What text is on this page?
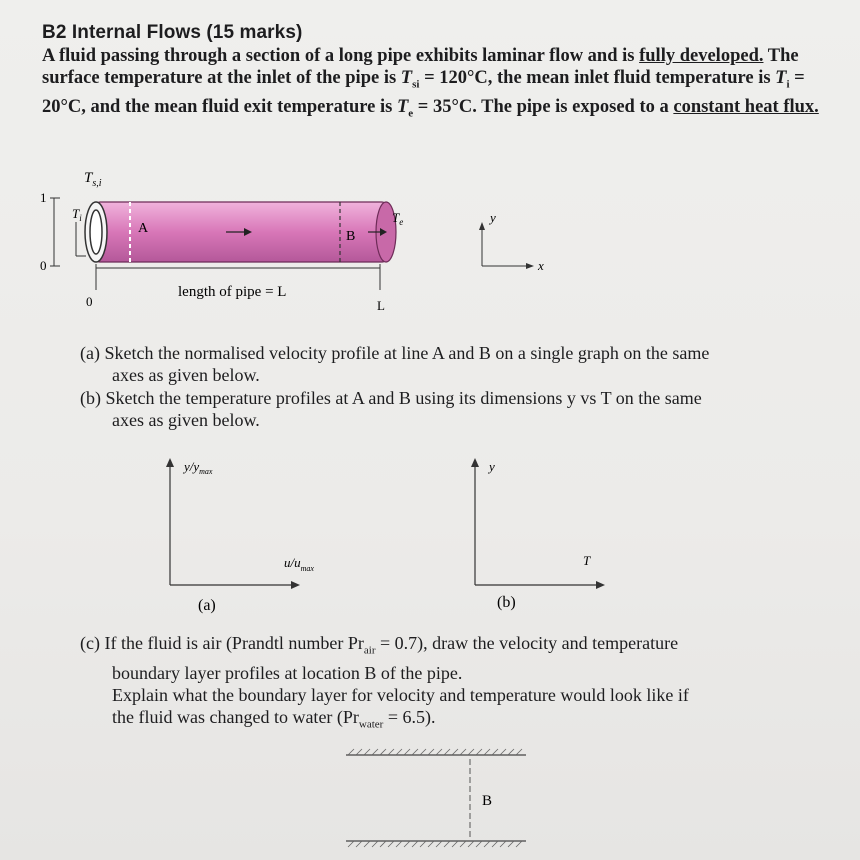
B2 Internal Flows (15 marks)
A fluid passing through a section of a long pipe exhibits laminar flow and is fully developed. The surface temperature at the inlet of the pipe is $T_{si} = 120^\circ C$, the mean inlet fluid temperature is $T_i = 20^\circ C$, and the mean fluid exit temperature is $T_e = 35^\circ C$. The pipe is exposed to a constant heat flux.
1
0
$T_i$
$T_{s,i}$
A
B
$T_e$
length of pipe = L
0	L
y
x
(a) Sketch the normalised velocity profile at line A and B on a single graph on the same
axes as given below.
(b) Sketch the temperature profiles at A and B using its dimensions y vs T on the same
axes as given below.
$y/y_{max}$
$u/u_{max}$
(a)
y
T
(b)
(c) If the fluid is air (Prandtl number $Pr_{air} = 0.7$), draw the velocity and temperature
boundary layer profiles at location B of the pipe.
Explain what the boundary layer for velocity and temperature would look like if
the fluid was changed to water $(Pr_{water} = 6.5)$.
B
